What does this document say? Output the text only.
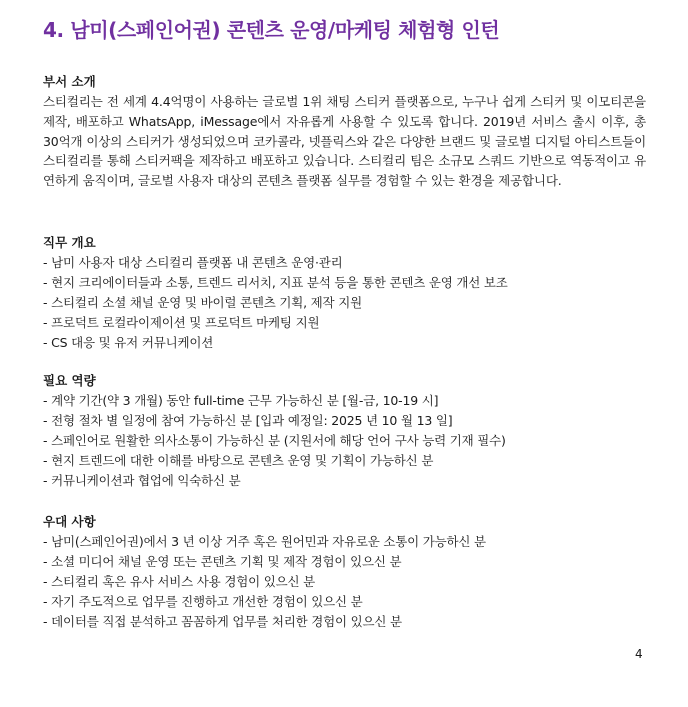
4. 남미(스페인어권) 콘텐츠 운영/마케팅 체험형 인턴

부서 소개

스티컬리는 전 세계 4.4억명이 사용하는 글로벌 1위 채팅 스티커 플랫폼으로, 누구나 쉽게 스티커 및 이모티콘을 제작, 배포하고 WhatsApp, iMessage에서 자유롭게 사용할 수 있도록 합니다. 2019년 서비스 출시 이후, 총 30억개 이상의 스티커가 생성되었으며 코카콜라, 넷플릭스와 같은 다양한 브랜드 및 글로벌 디지털 아티스트들이 스티컬리를 통해 스티커팩을 제작하고 배포하고 있습니다. 스티컬리 팀은 소규모 스쿼드 기반으로 역동적이고 유연하게 움직이며, 글로벌 사용자 대상의 콘텐츠 플랫폼 실무를 경험할 수 있는 환경을 제공합니다.

직무 개요

- 남미 사용자 대상 스티컬리 플랫폼 내 콘텐츠 운영·관리
- 현지 크리에이터들과 소통, 트렌드 리서치, 지표 분석 등을 통한 콘텐츠 운영 개선 보조
- 스티컬리 소셜 채널 운영 및 바이럴 콘텐츠 기획, 제작 지원
- 프로덕트 로컬라이제이션 및 프로덕트 마케팅 지원
- CS 대응 및 유저 커뮤니케이션

필요 역량

- 계약 기간(약 3 개월) 동안 full-time 근무 가능하신 분 [월-금, 10-19 시]
- 전형 절차 별 일정에 참여 가능하신 분 [입과 예정일: 2025 년 10 월 13 일]
- 스페인어로 원활한 의사소통이 가능하신 분 (지원서에 해당 언어 구사 능력 기재 필수)
- 현지 트렌드에 대한 이해를 바탕으로 콘텐츠 운영 및 기획이 가능하신 분
- 커뮤니케이션과 협업에 익숙하신 분

우대 사항

- 남미(스페인어권)에서 3 년 이상 거주 혹은 원어민과 자유로운 소통이 가능하신 분
- 소셜 미디어 채널 운영 또는 콘텐츠 기획 및 제작 경험이 있으신 분
- 스티컬리 혹은 유사 서비스 사용 경험이 있으신 분
- 자기 주도적으로 업무를 진행하고 개선한 경험이 있으신 분
- 데이터를 직접 분석하고 꼼꼼하게 업무를 처리한 경험이 있으신 분
4
